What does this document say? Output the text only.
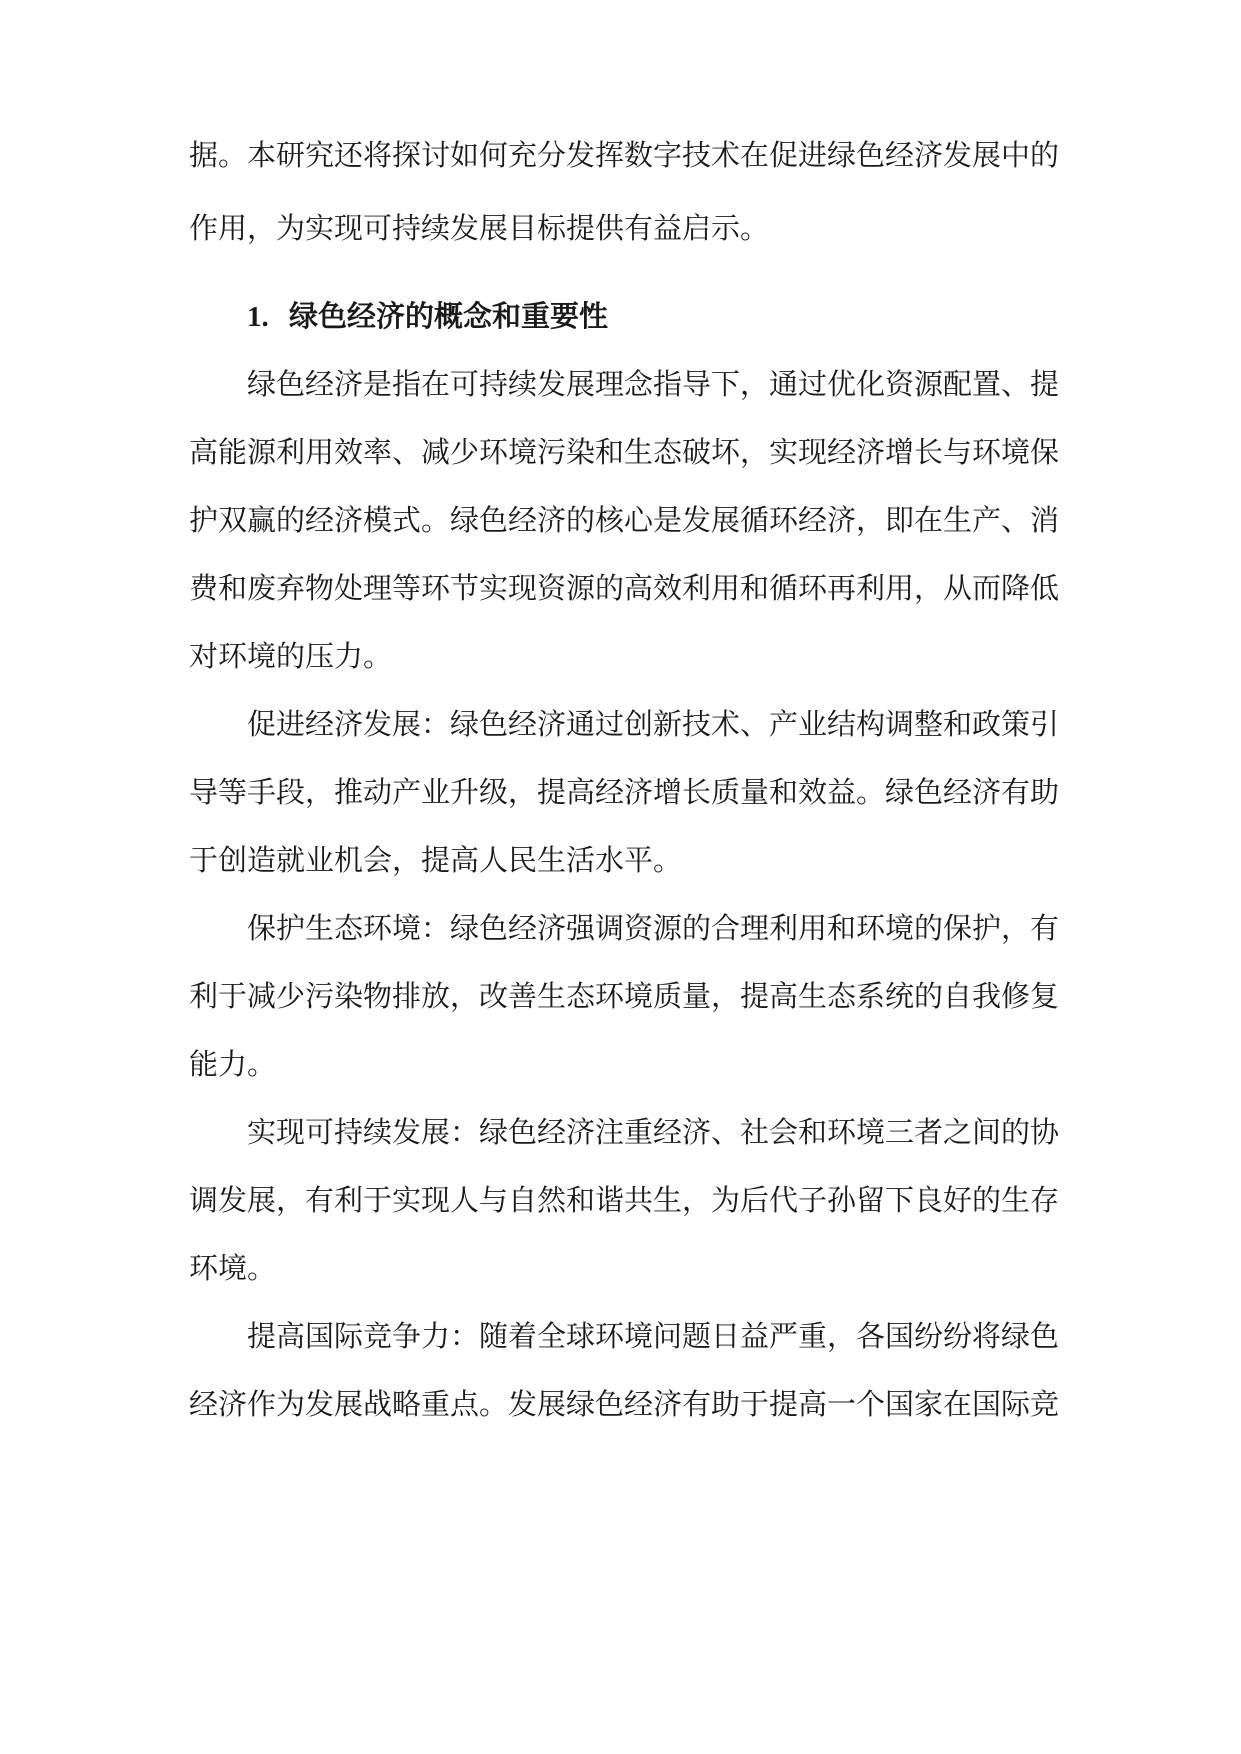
据。本研究还将探讨如何充分发挥数字技术在促进绿色经济发展中的
作用，为实现可持续发展目标提供有益启示。
1. 绿色经济的概念和重要性
绿色经济是指在可持续发展理念指导下，通过优化资源配置、提
高能源利用效率、减少环境污染和生态破坏，实现经济增长与环境保
护双赢的经济模式。绿色经济的核心是发展循环经济，即在生产、消
费和废弃物处理等环节实现资源的高效利用和循环再利用，从而降低
对环境的压力。
促进经济发展：绿色经济通过创新技术、产业结构调整和政策引
导等手段，推动产业升级，提高经济增长质量和效益。绿色经济有助
于创造就业机会，提高人民生活水平。
保护生态环境：绿色经济强调资源的合理利用和环境的保护，有
利于减少污染物排放，改善生态环境质量，提高生态系统的自我修复
能力。
实现可持续发展：绿色经济注重经济、社会和环境三者之间的协
调发展，有利于实现人与自然和谐共生，为后代子孙留下良好的生存
环境。
提高国际竞争力：随着全球环境问题日益严重，各国纷纷将绿色
经济作为发展战略重点。发展绿色经济有助于提高一个国家在国际竞
